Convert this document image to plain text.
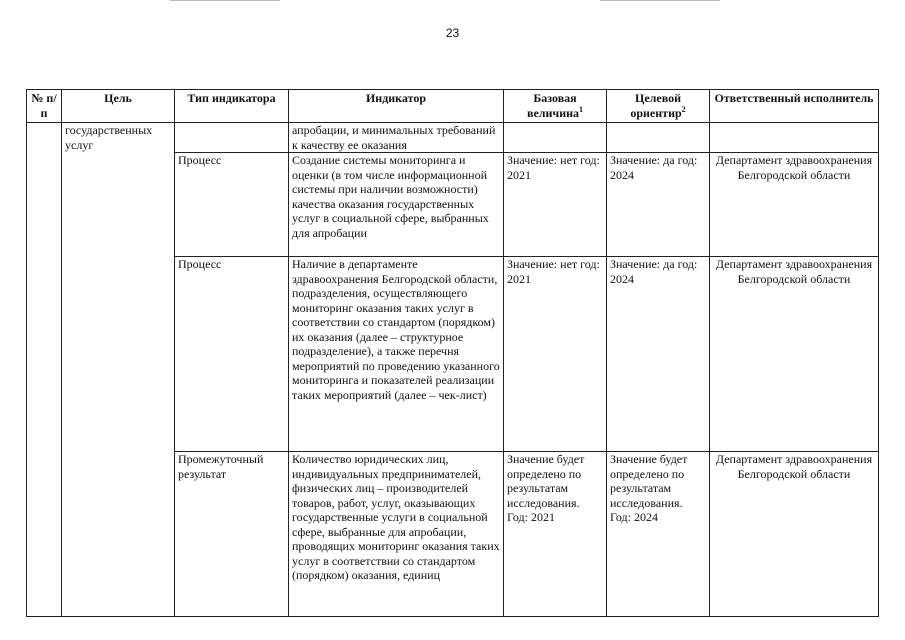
23
№ п/п	Цель	Тип индикатора	Индикатор	Базовая величина$^1$	Целевой ориентир$^2$	Ответственный исполнитель
	государственных услуг		апробации, и минимальных требований к качеству ее оказания			
		Процесс	Создание системы мониторинга и оценки (в том числе информационной системы при наличии возможности) качества оказания государственных услуг в социальной сфере, выбранных для апробации	Значение: нет год: 2021	Значение: да год: 2024	Департамент здравоохранения Белгородской области
		Процесс	Наличие в департаменте здравоохранения Белгородской области, подразделения, осуществляющего мониторинг оказания таких услуг в соответствии со стандартом (порядком) их оказания (далее – структурное подразделение), а также перечня мероприятий по проведению указанного мониторинга и показателей реализации таких мероприятий (далее – чек-лист)	Значение: нет год: 2021	Значение: да год: 2024	Департамент здравоохранения Белгородской области
		Промежуточный результат	Количество юридических лиц, индивидуальных предпринимателей, физических лиц – производителей товаров, работ, услуг, оказывающих государственные услуги в социальной сфере, выбранные для апробации, проводящих мониторинг оказания таких услуг в соответствии со стандартом (порядком) оказания, единиц	Значение будет определено по результатам исследования. Год: 2021	Значение будет определено по результатам исследования. Год: 2024	Департамент здравоохранения Белгородской области
